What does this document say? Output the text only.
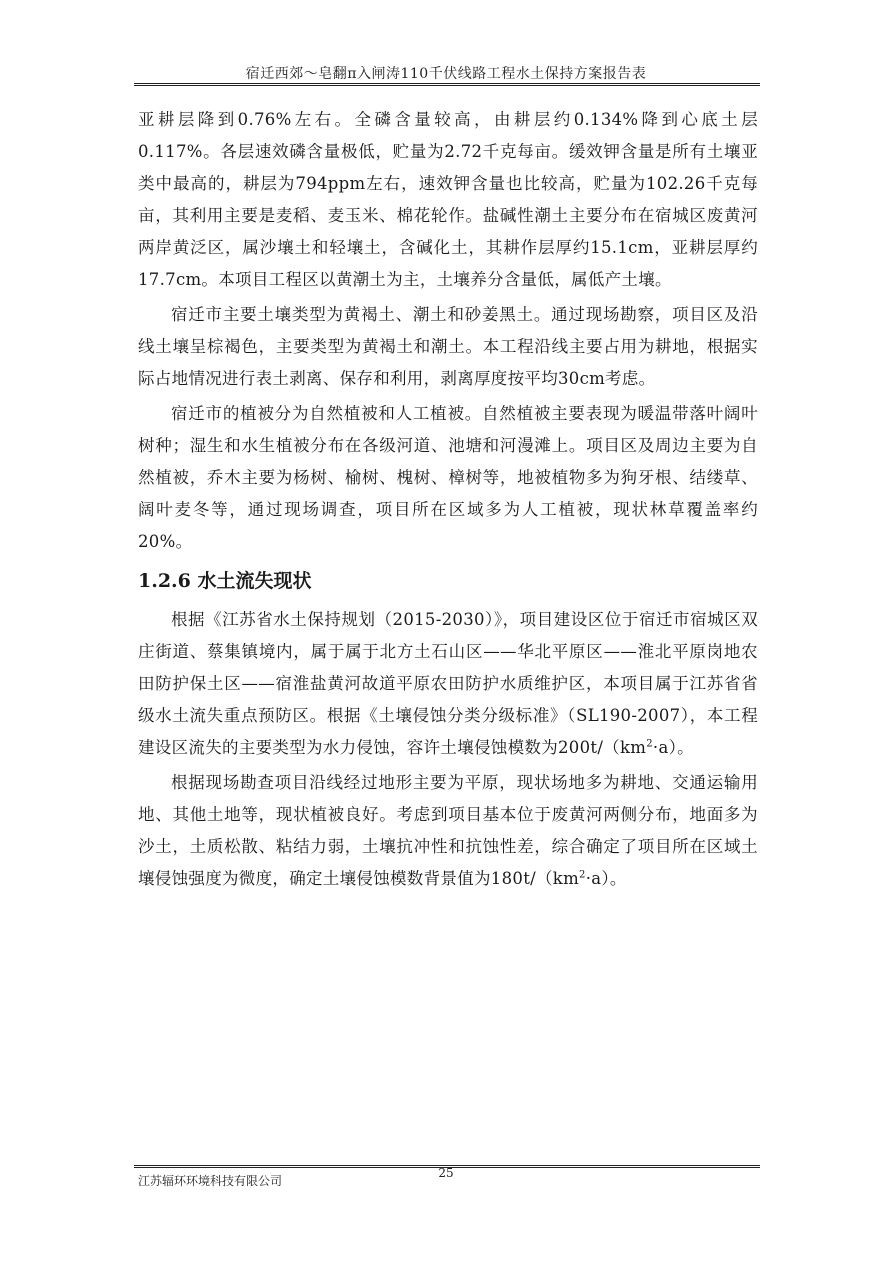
宿迁西郊～皂翻π入闸涛110千伏线路工程水土保持方案报告表

亚耕层降到0.76%左右。全磷含量较高，由耕层约0.134%降到心底土层0.117%。各层速效磷含量极低，贮量为2.72千克每亩。缓效钾含量是所有土壤亚类中最高的，耕层为794ppm左右，速效钾含量也比较高，贮量为102.26千克每亩，其利用主要是麦稻、麦玉米、棉花轮作。盐碱性潮土主要分布在宿城区废黄河两岸黄泛区，属沙壤土和轻壤土，含碱化土，其耕作层厚约15.1cm，亚耕层厚约17.7cm。本项目工程区以黄潮土为主，土壤养分含量低，属低产土壤。

宿迁市主要土壤类型为黄褐土、潮土和砂姜黑土。通过现场勘察，项目区及沿线土壤呈棕褐色，主要类型为黄褐土和潮土。本工程沿线主要占用为耕地，根据实际占地情况进行表土剥离、保存和利用，剥离厚度按平均30cm考虑。

宿迁市的植被分为自然植被和人工植被。自然植被主要表现为暖温带落叶阔叶树种；湿生和水生植被分布在各级河道、池塘和河漫滩上。项目区及周边主要为自然植被，乔木主要为杨树、榆树、槐树、樟树等，地被植物多为狗牙根、结缕草、阔叶麦冬等，通过现场调查，项目所在区域多为人工植被，现状林草覆盖率约20%。

1.2.6 水土流失现状

根据《江苏省水土保持规划（2015-2030）》，项目建设区位于宿迁市宿城区双庄街道、蔡集镇境内，属于属于北方土石山区——华北平原区——淮北平原岗地农田防护保土区——宿淮盐黄河故道平原农田防护水质维护区，本项目属于江苏省省级水土流失重点预防区。根据《土壤侵蚀分类分级标准》（SL190-2007），本工程建设区流失的主要类型为水力侵蚀，容许土壤侵蚀模数为$200t/(km^2\cdot a)$。

根据现场勘查项目沿线经过地形主要为平原，现状场地多为耕地、交通运输用地、其他土地等，现状植被良好。考虑到项目基本位于废黄河两侧分布，地面多为沙土，土质松散、粘结力弱，土壤抗冲性和抗蚀性差，综合确定了项目所在区域土壤侵蚀强度为微度，确定土壤侵蚀模数背景值为$180t/(km^2\cdot a)$。

江苏辐环环境科技有限公司
25
